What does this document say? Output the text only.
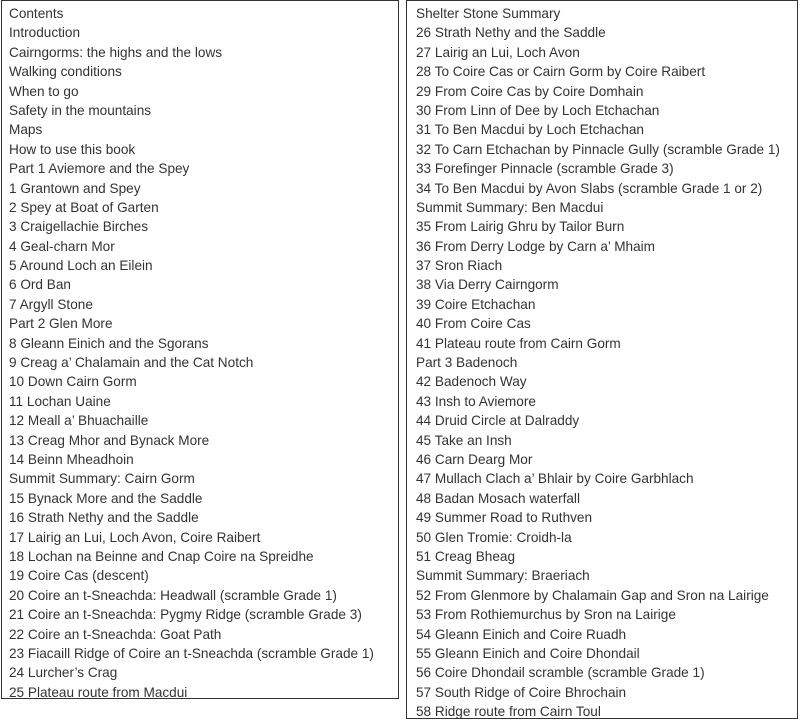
Contents
Introduction
Cairngorms: the highs and the lows
Walking conditions
When to go
Safety in the mountains
Maps
How to use this book
Part 1 Aviemore and the Spey
1 Grantown and Spey
2 Spey at Boat of Garten
3 Craigellachie Birches
4 Geal-charn Mor
5 Around Loch an Eilein
6 Ord Ban
7 Argyll Stone
Part 2 Glen More
8 Gleann Einich and the Sgorans
9 Creag a’ Chalamain and the Cat Notch
10 Down Cairn Gorm
11 Lochan Uaine
12 Meall a’ Bhuachaille
13 Creag Mhor and Bynack More
14 Beinn Mheadhoin
Summit Summary: Cairn Gorm
15 Bynack More and the Saddle
16 Strath Nethy and the Saddle
17 Lairig an Lui, Loch Avon, Coire Raibert
18 Lochan na Beinne and Cnap Coire na Spreidhe
19 Coire Cas (descent)
20 Coire an t-Sneachda: Headwall (scramble Grade 1)
21 Coire an t-Sneachda: Pygmy Ridge (scramble Grade 3)
22 Coire an t-Sneachda: Goat Path
23 Fiacaill Ridge of Coire an t-Sneachda (scramble Grade 1)
24 Lurcher’s Crag
25 Plateau route from Macdui
Shelter Stone Summary
26 Strath Nethy and the Saddle
27 Lairig an Lui, Loch Avon
28 To Coire Cas or Cairn Gorm by Coire Raibert
29 From Coire Cas by Coire Domhain
30 From Linn of Dee by Loch Etchachan
31 To Ben Macdui by Loch Etchachan
32 To Carn Etchachan by Pinnacle Gully (scramble Grade 1)
33 Forefinger Pinnacle (scramble Grade 3)
34 To Ben Macdui by Avon Slabs (scramble Grade 1 or 2)
Summit Summary: Ben Macdui
35 From Lairig Ghru by Tailor Burn
36 From Derry Lodge by Carn a’ Mhaim
37 Sron Riach
38 Via Derry Cairngorm
39 Coire Etchachan
40 From Coire Cas
41 Plateau route from Cairn Gorm
Part 3 Badenoch
42 Badenoch Way
43 Insh to Aviemore
44 Druid Circle at Dalraddy
45 Take an Insh
46 Carn Dearg Mor
47 Mullach Clach a’ Bhlair by Coire Garbhlach
48 Badan Mosach waterfall
49 Summer Road to Ruthven
50 Glen Tromie: Croidh-la
51 Creag Bheag
Summit Summary: Braeriach
52 From Glenmore by Chalamain Gap and Sron na Lairige
53 From Rothiemurchus by Sron na Lairige
54 Gleann Einich and Coire Ruadh
55 Gleann Einich and Coire Dhondail
56 Coire Dhondail scramble (scramble Grade 1)
57 South Ridge of Coire Bhrochain
58 Ridge route from Cairn Toul
